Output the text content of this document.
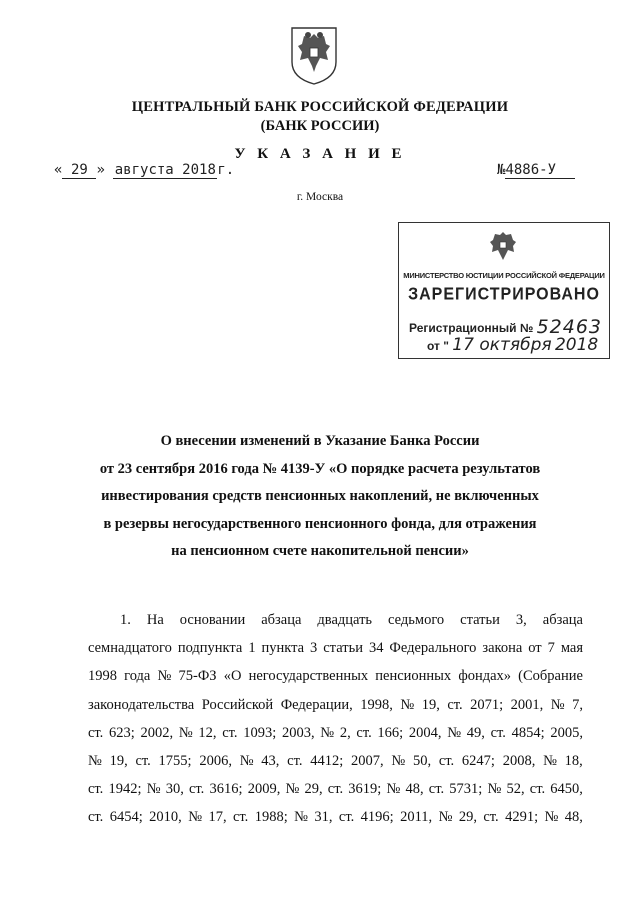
ЦЕНТРАЛЬНЫЙ БАНК РОССИЙСКОЙ ФЕДЕРАЦИИ
(БАНК РОССИИ)
У К А З А Н И Е
« 29 » августа 2018г.	№4886-У
г. Москва
МИНИСТЕРСТВО ЮСТИЦИИ РОССИЙСКОЙ ФЕДЕРАЦИИ
ЗАРЕГИСТРИРОВАНО
Регистрационный № 52463
от " 17 октября 2018
О внесении изменений в Указание Банка России
от 23 сентября 2016 года № 4139-У «О порядке расчета результатов
инвестирования средств пенсионных накоплений, не включенных
в резервы негосударственного пенсионного фонда, для отражения
на пенсионном счете накопительной пенсии»
1. На основании абзаца двадцать седьмого статьи 3, абзаца
семнадцатого подпункта 1 пункта 3 статьи 34 Федерального закона от 7 мая
1998 года № 75-ФЗ «О негосударственных пенсионных фондах» (Собрание
законодательства Российской Федерации, 1998, № 19, ст. 2071; 2001, № 7,
ст. 623; 2002, № 12, ст. 1093; 2003, № 2, ст. 166; 2004, № 49, ст. 4854; 2005,
№ 19, ст. 1755; 2006, № 43, ст. 4412; 2007, № 50, ст. 6247; 2008, № 18,
ст. 1942; № 30, ст. 3616; 2009, № 29, ст. 3619; № 48, ст. 5731; № 52, ст. 6450,
ст. 6454; 2010, № 17, ст. 1988; № 31, ст. 4196; 2011, № 29, ст. 4291; № 48,
